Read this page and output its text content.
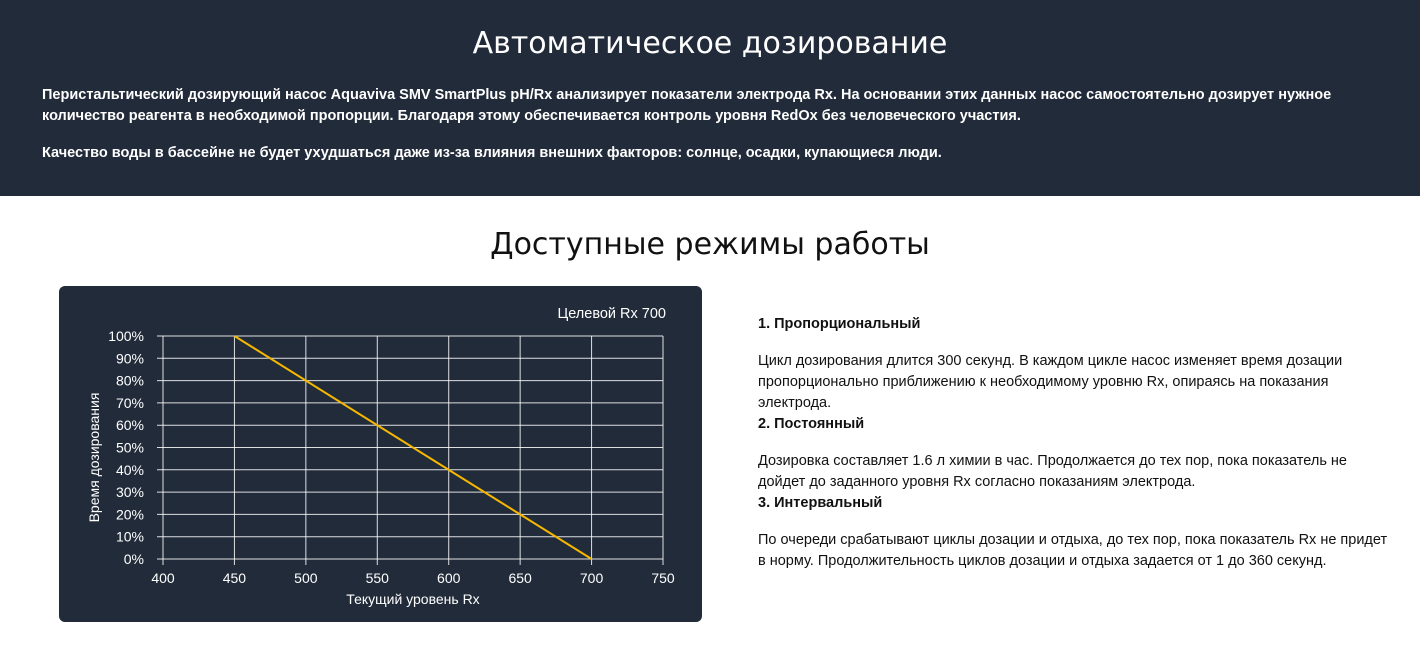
Автоматическое дозирование

Перистальтический дозирующий насос Aquaviva SMV SmartPlus pH/Rx анализирует показатели электрода Rx. На основании этих данных насос самостоятельно дозирует нужное количество реагента в необходимой пропорции. Благодаря этому обеспечивается контроль уровня RedOx без человеческого участия.

Качество воды в бассейне не будет ухудшаться даже из-за влияния внешних факторов: солнце, осадки, купающиеся люди.

Доступные режимы работы
0%
10%
20%
30%
40%
50%
60%
70%
80%
90%
100%
400	450	500	550	600	650	700	750
Целевой Rx 700
Текущий уровень Rx
Время дозирования
1. Пропорциональный
Цикл дозирования длится 300 секунд. В каждом цикле насос изменяет время дозации пропорционально приближению к необходимому уровню Rx, опираясь на показания электрода.
2. Постоянный
Дозировка составляет 1.6 л химии в час. Продолжается до тех пор, пока показатель не дойдет до заданного уровня Rx согласно показаниям электрода.
3. Интервальный
По очереди срабатывают циклы дозации и отдыха, до тех пор, пока показатель Rx не придет в норму. Продолжительность циклов дозации и отдыха задается от 1 до 360 секунд.
